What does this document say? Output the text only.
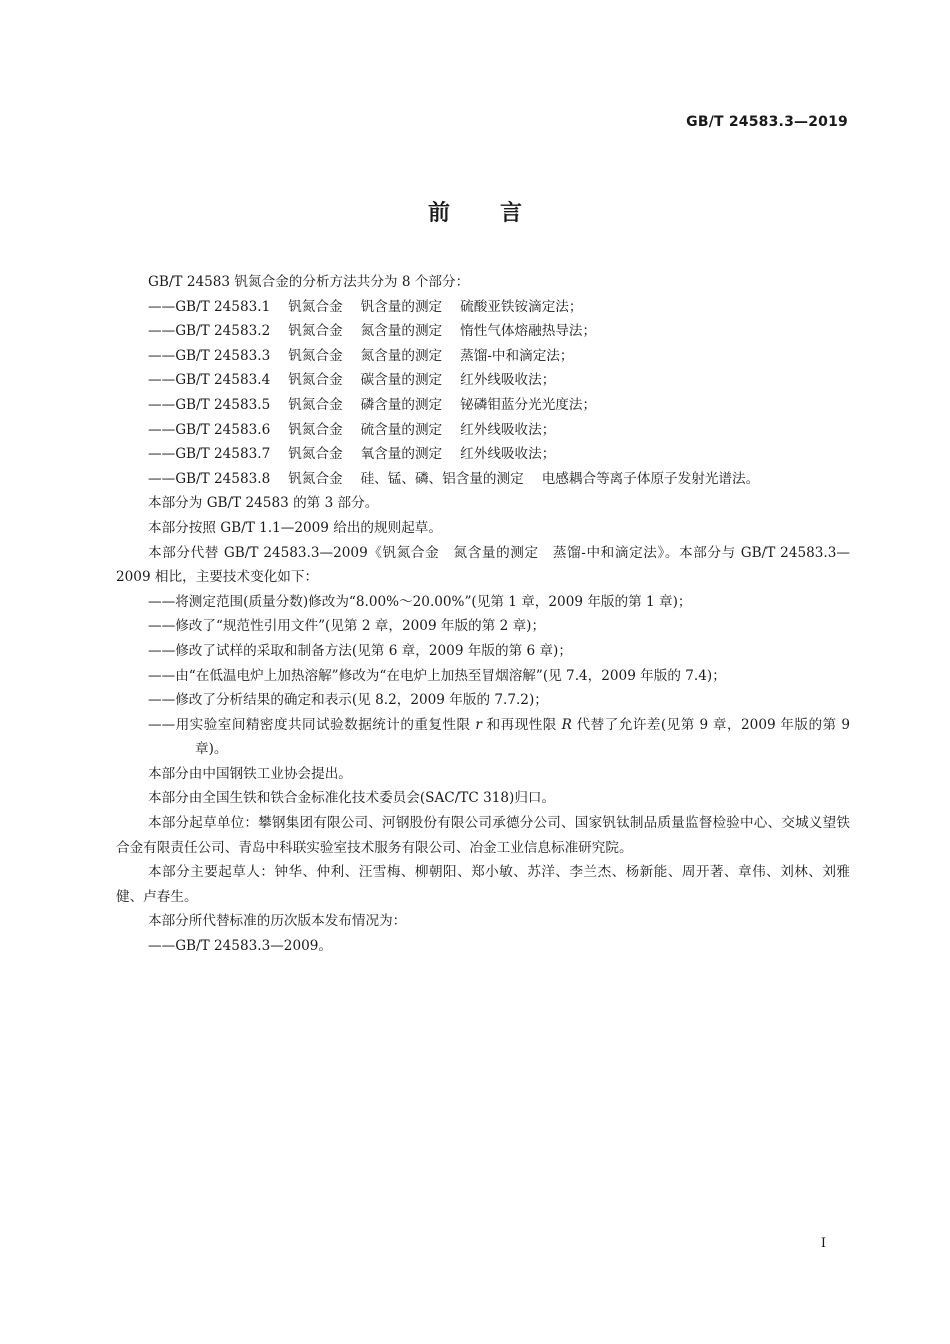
GB/T 24583.3—2019
前言

GB/T 24583 钒氮合金的分析方法共分为 8 个部分：

——GB/T 24583.1 钒氮合金 钒含量的测定 硫酸亚铁铵滴定法；

——GB/T 24583.2 钒氮合金 氮含量的测定 惰性气体熔融热导法；

——GB/T 24583.3 钒氮合金 氮含量的测定 蒸馏-中和滴定法；

——GB/T 24583.4 钒氮合金 碳含量的测定 红外线吸收法；

——GB/T 24583.5 钒氮合金 磷含量的测定 铋磷钼蓝分光光度法；

——GB/T 24583.6 钒氮合金 硫含量的测定 红外线吸收法；

——GB/T 24583.7 钒氮合金 氧含量的测定 红外线吸收法；

——GB/T 24583.8 钒氮合金 硅、锰、磷、铝含量的测定 电感耦合等离子体原子发射光谱法。

本部分为 GB/T 24583 的第 3 部分。

本部分按照 GB/T 1.1—2009 给出的规则起草。

本部分代替 GB/T 24583.3—2009《钒氮合金　氮含量的测定　蒸馏-中和滴定法》。本部分与 GB/T 24583.3—2009 相比，主要技术变化如下：

——将测定范围(质量分数)修改为“8.00%～20.00%”(见第 1 章，2009 年版的第 1 章)；

——修改了“规范性引用文件”(见第 2 章，2009 年版的第 2 章)；

——修改了试样的采取和制备方法(见第 6 章，2009 年版的第 6 章)；

——由“在低温电炉上加热溶解”修改为“在电炉上加热至冒烟溶解”(见 7.4，2009 年版的 7.4)；

——修改了分析结果的确定和表示(见 8.2，2009 年版的 7.7.2)；

——用实验室间精密度共同试验数据统计的重复性限 r 和再现性限 R 代替了允许差(见第 9 章，2009 年版的第 9 章)。

本部分由中国钢铁工业协会提出。

本部分由全国生铁和铁合金标准化技术委员会(SAC/TC 318)归口。

本部分起草单位：攀钢集团有限公司、河钢股份有限公司承德分公司、国家钒钛制品质量监督检验中心、交城义望铁合金有限责任公司、青岛中科联实验室技术服务有限公司、冶金工业信息标准研究院。

本部分主要起草人：钟华、仲利、汪雪梅、柳朝阳、郑小敏、苏洋、李兰杰、杨新能、周开著、章伟、刘林、刘雅健、卢春生。

本部分所代替标准的历次版本发布情况为：

——GB/T 24583.3—2009。

I
